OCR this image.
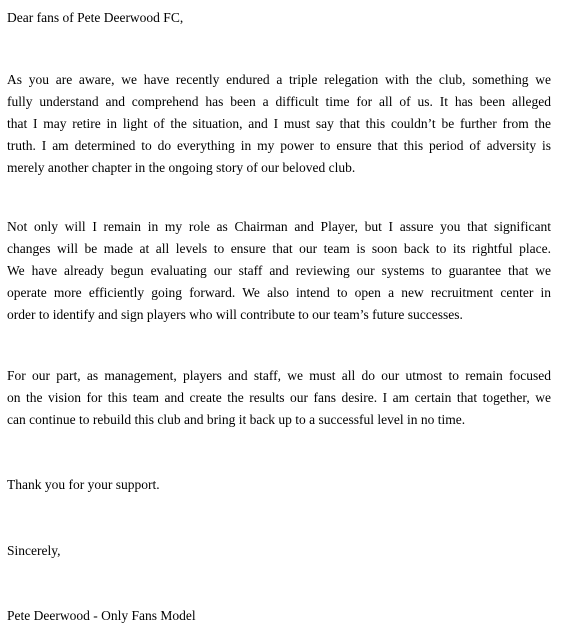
Dear fans of Pete Deerwood FC,
As you are aware, we have recently endured a triple relegation with the club, something we
fully understand and comprehend has been a difficult time for all of us. It has been alleged
that I may retire in light of the situation, and I must say that this couldn’t be further from the
truth. I am determined to do everything in my power to ensure that this period of adversity is
merely another chapter in the ongoing story of our beloved club.
Not only will I remain in my role as Chairman and Player, but I assure you that significant
changes will be made at all levels to ensure that our team is soon back to its rightful place.
We have already begun evaluating our staff and reviewing our systems to guarantee that we
operate more efficiently going forward. We also intend to open a new recruitment center in
order to identify and sign players who will contribute to our team’s future successes.
For our part, as management, players and staff, we must all do our utmost to remain focused
on the vision for this team and create the results our fans desire. I am certain that together, we
can continue to rebuild this club and bring it back up to a successful level in no time.
Thank you for your support.
Sincerely,
Pete Deerwood - Only Fans Model
